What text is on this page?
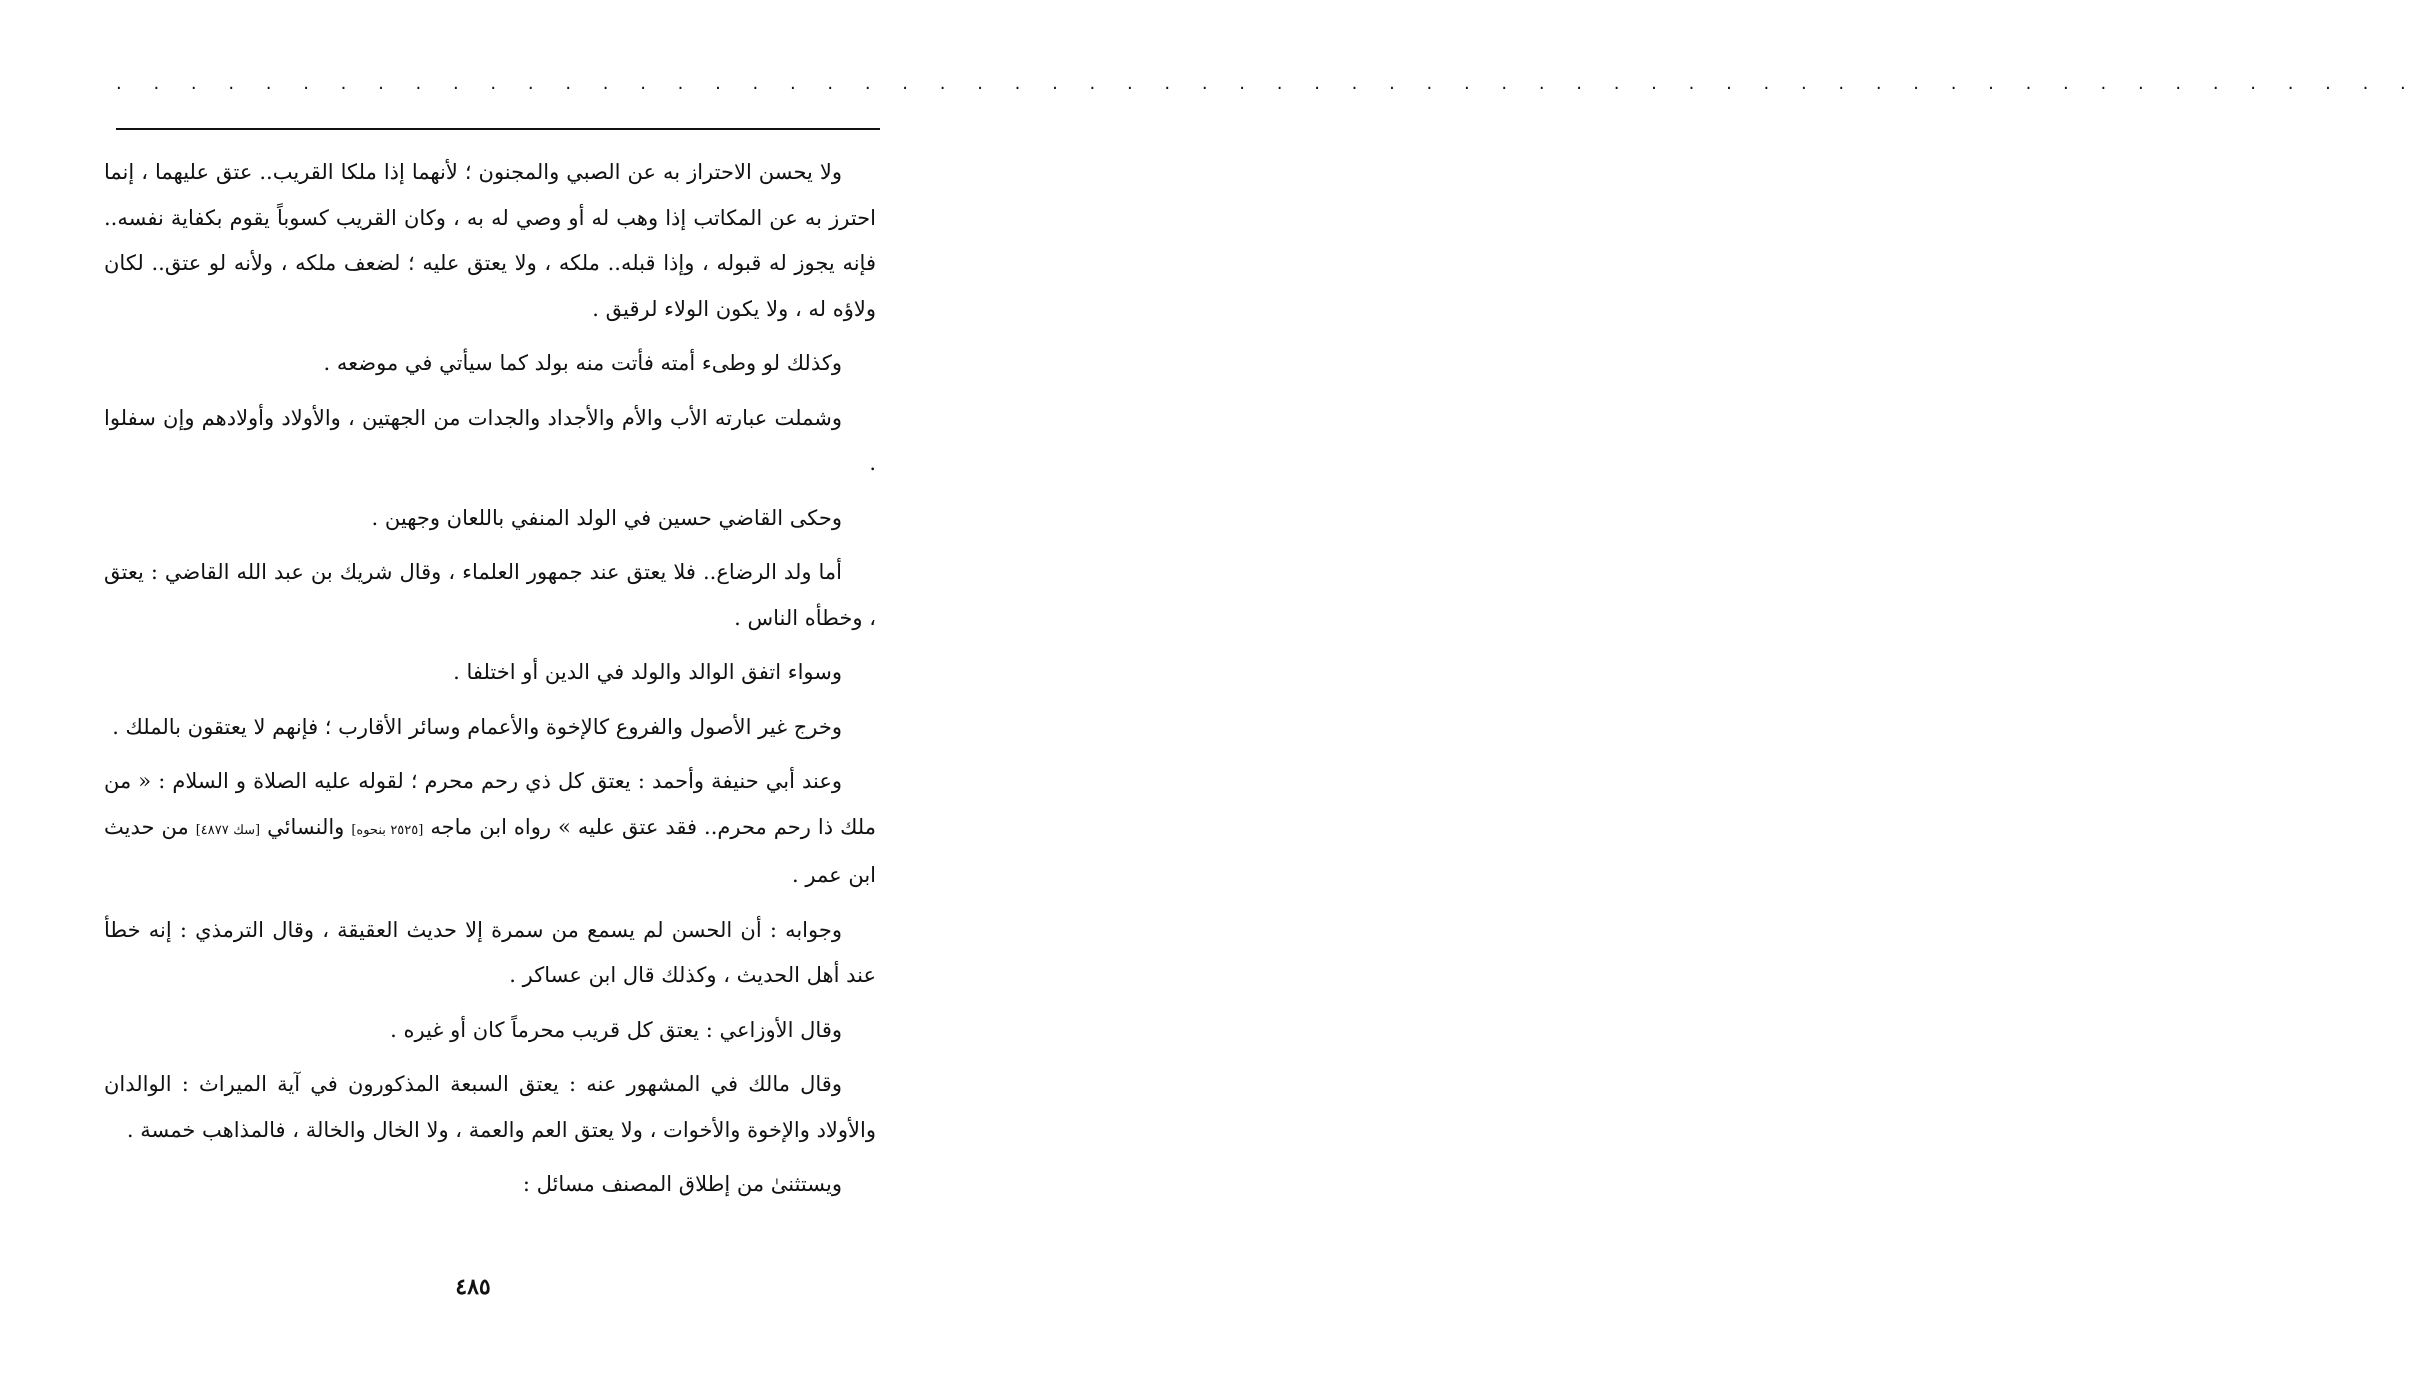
. . . . . . . . . . . . . . . . . . . . . . . . . . . . . . . . . . . . . . . . . . . . . . . . . . . . . . . . . . . . . .

ولا يحسن الاحتراز به عن الصبي والمجنون ؛ لأنهما إذا ملكا القريب.. عتق عليهما ، إنما احترز به عن المكاتب إذا وهب له أو وصي له به ، وكان القريب كسوباً يقوم بكفاية نفسه.. فإنه يجوز له قبوله ، وإذا قبله.. ملكه ، ولا يعتق عليه ؛ لضعف ملكه ، ولأنه لو عتق.. لكان ولاؤه له ، ولا يكون الولاء لرقيق .

وكذلك لو وطىء أمته فأتت منه بولد كما سيأتي في موضعه .

وشملت عبارته الأب والأم والأجداد والجدات من الجهتين ، والأولاد وأولادهم وإن سفلوا .

وحكى القاضي حسين في الولد المنفي باللعان وجهين .

أما ولد الرضاع.. فلا يعتق عند جمهور العلماء ، وقال شريك بن عبد الله القاضي : يعتق ، وخطأه الناس .

وسواء اتفق الوالد والولد في الدين أو اختلفا .

وخرج غير الأصول والفروع كالإخوة والأعمام وسائر الأقارب ؛ فإنهم لا يعتقون بالملك .

وعند أبي حنيفة وأحمد : يعتق كل ذي رحم محرم ؛ لقوله عليه الصلاة و السلام : « من ملك ذا رحم محرم.. فقد عتق عليه » رواه ابن ماجه [٢٥٢٥ بنحوه] والنسائي [سك ٤٨٧٧] من حديث ابن عمر .

وجوابه : أن الحسن لم يسمع من سمرة إلا حديث العقيقة ، وقال الترمذي : إنه خطأ عند أهل الحديث ، وكذلك قال ابن عساكر .

وقال الأوزاعي : يعتق كل قريب محرماً كان أو غيره .

وقال مالك في المشهور عنه : يعتق السبعة المذكورون في آية الميراث : الوالدان والأولاد والإخوة والأخوات ، ولا يعتق العم والعمة ، ولا الخال والخالة ، فالمذاهب خمسة .

ويستثنىٰ من إطلاق المصنف مسائل :

٤٨٥
